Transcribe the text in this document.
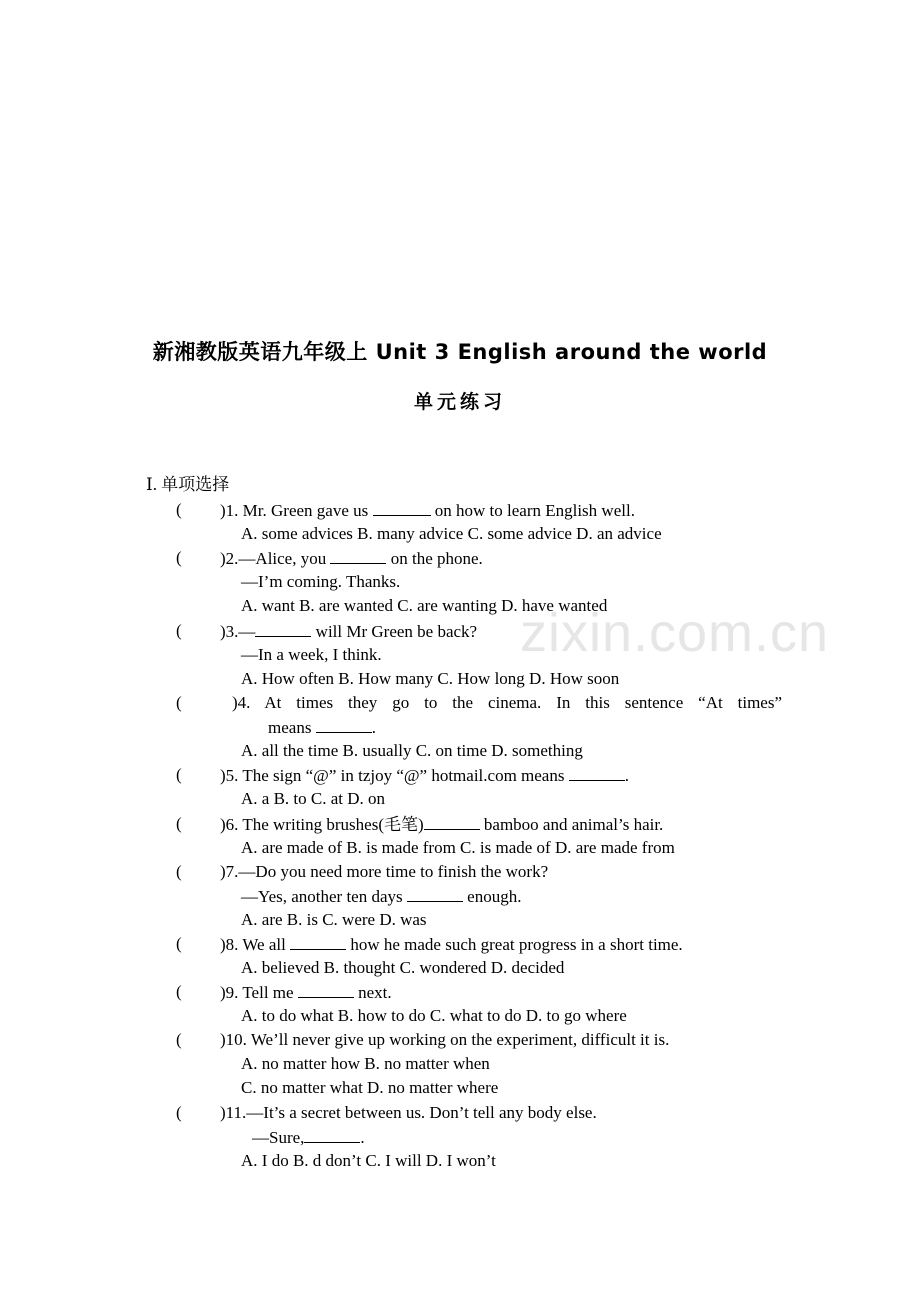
新湘教版英语九年级上 Unit 3 English around the world
单元练习
zixin.com.cn
Ⅰ. 单项选择
(
(
(
(
(
(
(
(
(
(
(
)1. Mr. Green gave us	on how to learn English well.
A. some advices B. many advice C. some advice D. an advice
)2.—Alice, you	on the phone.
—I’m coming. Thanks.
A. want B. are wanted C. are wanting D. have wanted
)3.—	will Mr Green be back?
—In a week, I think.
A. How often B. How many C. How long D. How soon
)4. At times they go to the cinema. In this sentence “At times”
means	.
A. all the time B. usually C. on time D. something
)5. The sign “@” in tzjoy “@” hotmail.com means	.
A. a B. to C. at D. on
)6. The writing brushes(毛笔)	bamboo and animal’s hair.
A. are made of B. is made from C. is made of D. are made from
)7.—Do you need more time to finish the work?
—Yes, another ten days	enough.
A. are B. is C. were D. was
)8. We all	how he made such great progress in a short time.
A. believed B. thought C. wondered D. decided
)9. Tell me	next.
A. to do what B. how to do C. what to do D. to go where
)10. We’ll never give up working on the experiment, difficult it is.
A. no matter how B. no matter when
C. no matter what D. no matter where
)11.—It’s a secret between us. Don’t tell any body else.
—Sure,	.
A. I do B. d don’t C. I will D. I won’t
